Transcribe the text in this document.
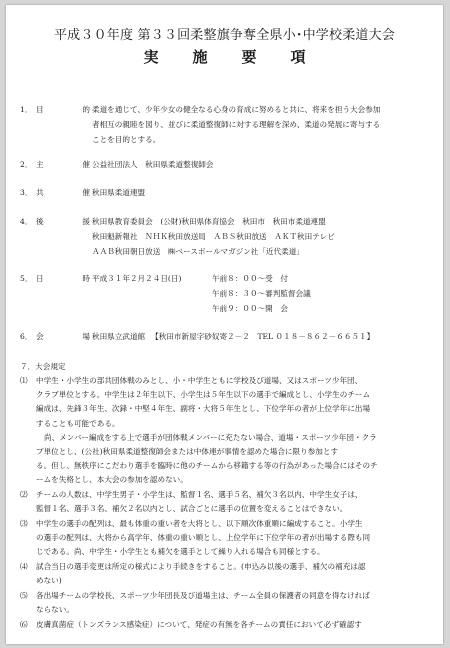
平成３０年度 第３３回柔整旗争奪全県小･中学校柔道大会
実施要項
1． 目	的 柔道を通じて、少年少女の健全なる心身の育成に努めると共に、将来を担う大会参加
者相互の親睦を図り、並びに柔道整復師に対する理解を深め、柔道の発展に寄与する
ことを目的とする。
2． 主	催 公益社団法人　秋田県柔道整復師会
3． 共	催 秋田県柔道連盟
4． 後	援 秋田県教育委員会　(公財)秋田県体育協会　秋田市　秋田市柔道連盟
秋田魁新報社　ＮＨＫ秋田放送局　ＡＢＳ秋田放送　ＡＫＴ秋田テレビ
ＡＡＢ秋田朝日放送　㈱ベースボールマガジン社「近代柔道」
5． 日	時 平成３１年２月２４日(日)	午前８：００～受　付
午前８：３０～審判監督会議
午前９：００～開　会
6． 会	場 秋田県立武道館 【秋田市新屋字砂奴寄２－２　TEL ０１８－８６２－６６５１】
７．大会規定
⑴	中学生・小学生の部共団体戦のみとし、小・中学生ともに学校及び道場、又はスポーツ少年団、
クラブ単位とする。中学生は２年生以下、小学生は５年生以下の選手で編成とし、小学生のチーム
編成は、先鋒３年生、次鋒・中堅４年生、副将・大将５年生とし、下位学年の者が上位学年に出場
することも可能である。
尚、メンバー編成をする上で選手が団体戦メンバーに充たない場合、道場・スポーツ少年団・クラ
ブ単位とし、(公社)秋田県柔道整復師会または中体連が事情を認めた場合に限り参加とす
る。但し、無秩序にこだわり選手を臨時に他のチームから移籍する等の行為があった場合にはそのチ
ームを失格とし、本大会の参加を認めない。
⑵	チームの人数は、中学生男子・小学生は、監督１名、選手５名、補欠３名以内、中学生女子は、
監督１名、選手３名、補欠２名以内とし、試合ごとに選手の位置を変えることはできない。
⑶	中学生の選手の配列は、最も体重の重い者を大将とし、以下順次体重順に編成すること。小学生
の選手の配列は、大将から高学年、体重の重い順とし、上位学年に下位学年の者が出場する際も同
じである。尚、中学生・小学生とも補欠を選手として繰り入れる場合も同様とする。
⑷	試合当日の選手変更は所定の様式により手続きをすること。(申込み以後の選手、補欠の補充は認
めない)
⑸	各出場チームの学校長、スポーツ少年団長及び道場主は、チーム全員の保護者の同意を得なければ
ならない。
⑹	皮膚真菌症（トンズランス感染症）について、発症の有無を各チームの責任において必ず確認す
